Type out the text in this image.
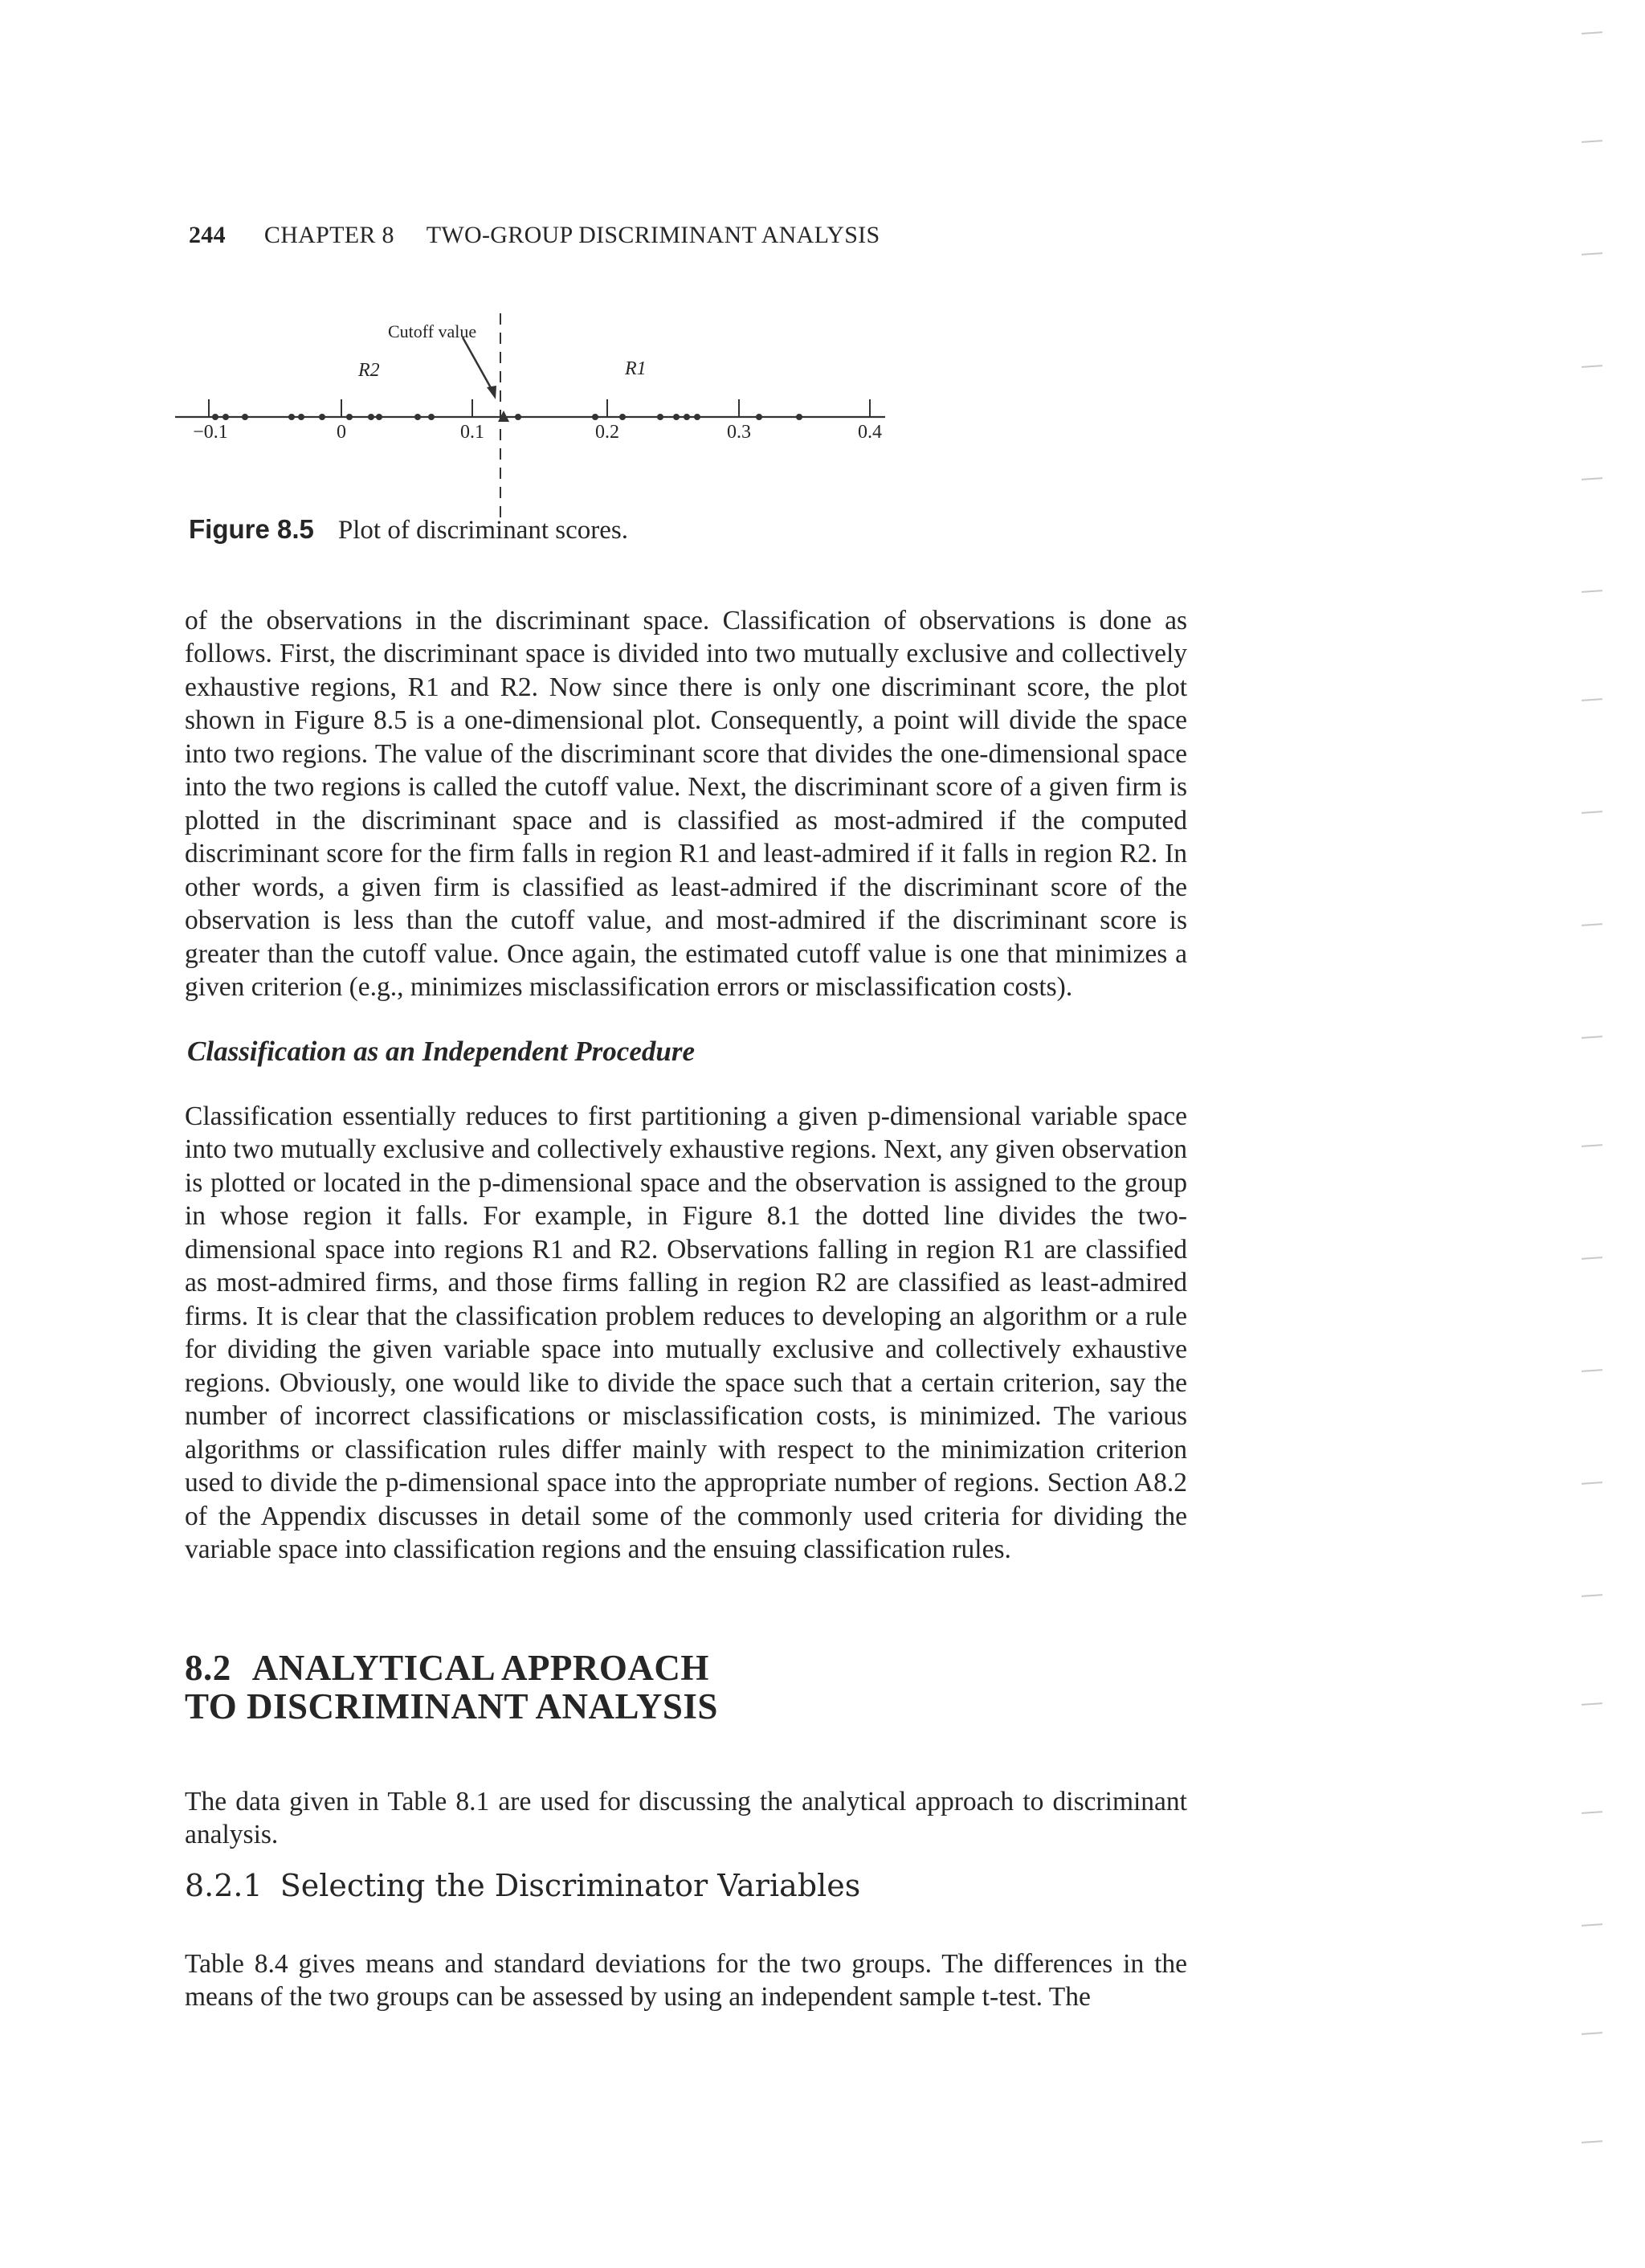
244 CHAPTER 8 TWO-GROUP DISCRIMINANT ANALYSIS
Cutoff value
R2	R1
−0.1	0	0.1	0.2	0.3	0.4
Figure 8.5 Plot of discriminant scores.

of the observations in the discriminant space. Classification of observations is done as follows. First, the discriminant space is divided into two mutually exclusive and collectively exhaustive regions, R1 and R2. Now since there is only one discriminant score, the plot shown in Figure 8.5 is a one-dimensional plot. Consequently, a point will divide the space into two regions. The value of the discriminant score that divides the one-dimensional space into the two regions is called the cutoff value. Next, the discriminant score of a given firm is plotted in the discriminant space and is classified as most-admired if the computed discriminant score for the firm falls in region R1 and least-admired if it falls in region R2. In other words, a given firm is classified as least-admired if the discriminant score of the observation is less than the cutoff value, and most-admired if the discriminant score is greater than the cutoff value. Once again, the estimated cutoff value is one that minimizes a given criterion (e.g., minimizes misclassification errors or misclassification costs).

Classification as an Independent Procedure

Classification essentially reduces to first partitioning a given p-dimensional variable space into two mutually exclusive and collectively exhaustive regions. Next, any given observation is plotted or located in the p-dimensional space and the observation is assigned to the group in whose region it falls. For example, in Figure 8.1 the dotted line divides the two-dimensional space into regions R1 and R2. Observations falling in region R1 are classified as most-admired firms, and those firms falling in region R2 are classified as least-admired firms. It is clear that the classification problem reduces to developing an algorithm or a rule for dividing the given variable space into mutually exclusive and collectively exhaustive regions. Obviously, one would like to divide the space such that a certain criterion, say the number of incorrect classifications or misclassification costs, is minimized. The various algorithms or classification rules differ mainly with respect to the minimization criterion used to divide the p-dimensional space into the appropriate number of regions. Section A8.2 of the Appendix discusses in detail some of the commonly used criteria for dividing the variable space into classification regions and the ensuing classification rules.

8.2 ANALYTICAL APPROACH
TO DISCRIMINANT ANALYSIS

The data given in Table 8.1 are used for discussing the analytical approach to discriminant analysis.

8.2.1 Selecting the Discriminator Variables

Table 8.4 gives means and standard deviations for the two groups. The differences in the means of the two groups can be assessed by using an independent sample t-test. The
